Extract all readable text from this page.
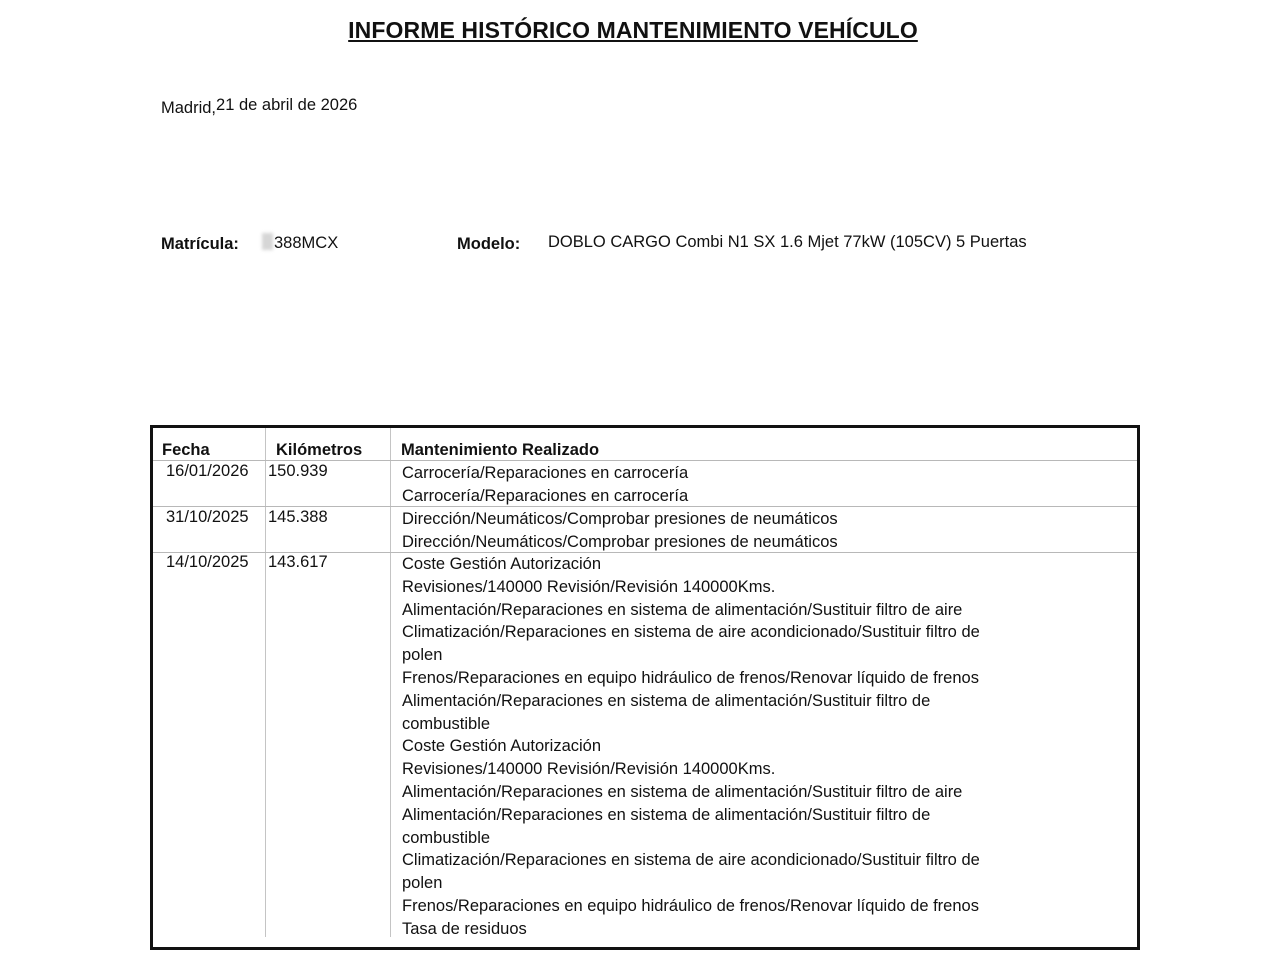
INFORME HISTÓRICO MANTENIMIENTO VEHÍCULO
Madrid,21 de abril de 2026
Matrícula:	388MCX	Modelo: DOBLO CARGO Combi N1 SX 1.6 Mjet 77kW (105CV) 5 Puertas
Fecha	Kilómetros Mantenimiento Realizado
16/01/2026 150.939	Carrocería/Reparaciones en carrocería
Carrocería/Reparaciones en carrocería
31/10/2025 145.388	Dirección/Neumáticos/Comprobar presiones de neumáticos
Dirección/Neumáticos/Comprobar presiones de neumáticos
14/10/2025 143.617	Coste Gestión Autorización
Revisiones/140000 Revisión/Revisión 140000Kms.
Alimentación/Reparaciones en sistema de alimentación/Sustituir filtro de aire
Climatización/Reparaciones en sistema de aire acondicionado/Sustituir filtro de
polen
Frenos/Reparaciones en equipo hidráulico de frenos/Renovar líquido de frenos
Alimentación/Reparaciones en sistema de alimentación/Sustituir filtro de
combustible
Coste Gestión Autorización
Revisiones/140000 Revisión/Revisión 140000Kms.
Alimentación/Reparaciones en sistema de alimentación/Sustituir filtro de aire
Alimentación/Reparaciones en sistema de alimentación/Sustituir filtro de
combustible
Climatización/Reparaciones en sistema de aire acondicionado/Sustituir filtro de
polen
Frenos/Reparaciones en equipo hidráulico de frenos/Renovar líquido de frenos
Tasa de residuos
